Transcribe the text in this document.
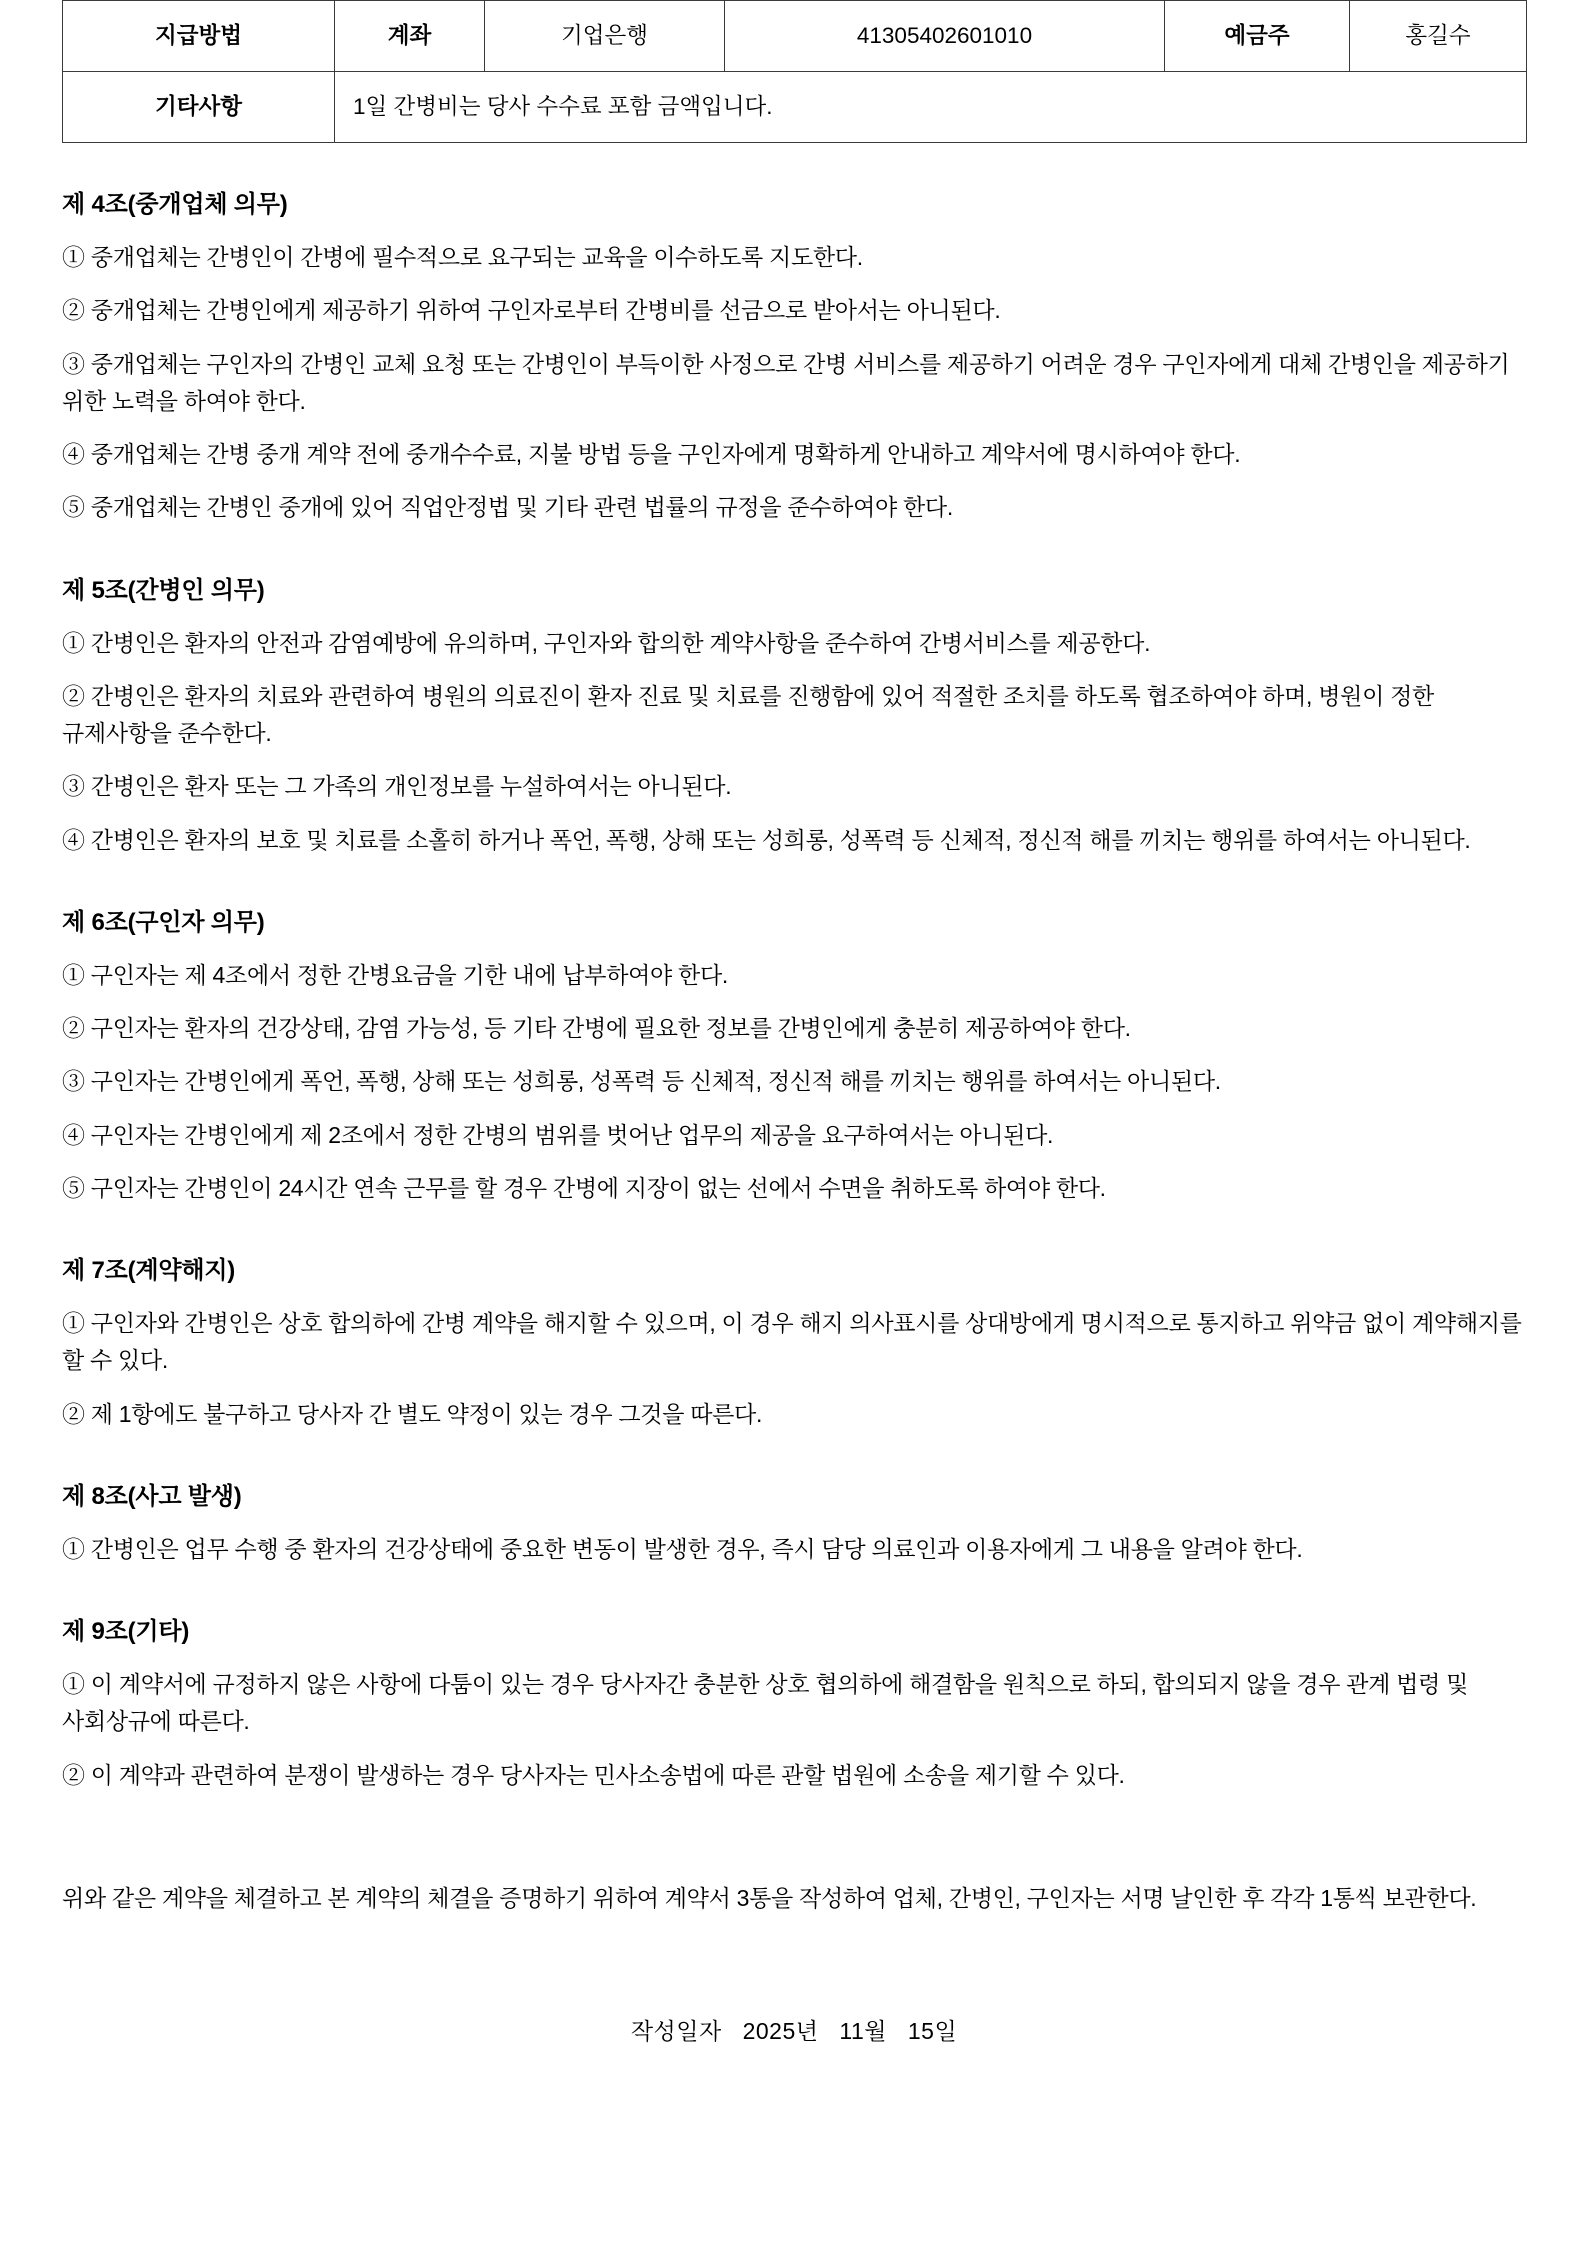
지급방법	계좌	기업은행	41305402601010	예금주	홍길수
기타사항	1일 간병비는 당사 수수료 포함 금액입니다.				
제 4조(중개업체 의무)
① 중개업체는 간병인이 간병에 필수적으로 요구되는 교육을 이수하도록 지도한다.
② 중개업체는 간병인에게 제공하기 위하여 구인자로부터 간병비를 선금으로 받아서는 아니된다.
③ 중개업체는 구인자의 간병인 교체 요청 또는 간병인이 부득이한 사정으로 간병 서비스를 제공하기 어려운 경우 구인자에게 대체 간병인을 제공하기 위한 노력을 하여야 한다.
④ 중개업체는 간병 중개 계약 전에 중개수수료, 지불 방법 등을 구인자에게 명확하게 안내하고 계약서에 명시하여야 한다.
⑤ 중개업체는 간병인 중개에 있어 직업안정법 및 기타 관련 법률의 규정을 준수하여야 한다.
제 5조(간병인 의무)
① 간병인은 환자의 안전과 감염예방에 유의하며, 구인자와 합의한 계약사항을 준수하여 간병서비스를 제공한다.
② 간병인은 환자의 치료와 관련하여 병원의 의료진이 환자 진료 및 치료를 진행함에 있어 적절한 조치를 하도록 협조하여야 하며, 병원이 정한 규제사항을 준수한다.
③ 간병인은 환자 또는 그 가족의 개인정보를 누설하여서는 아니된다.
④ 간병인은 환자의 보호 및 치료를 소홀히 하거나 폭언, 폭행, 상해 또는 성희롱, 성폭력 등 신체적, 정신적 해를 끼치는 행위를 하여서는 아니된다.
제 6조(구인자 의무)
① 구인자는 제 4조에서 정한 간병요금을 기한 내에 납부하여야 한다.
② 구인자는 환자의 건강상태, 감염 가능성, 등 기타 간병에 필요한 정보를 간병인에게 충분히 제공하여야 한다.
③ 구인자는 간병인에게 폭언, 폭행, 상해 또는 성희롱, 성폭력 등 신체적, 정신적 해를 끼치는 행위를 하여서는 아니된다.
④ 구인자는 간병인에게 제 2조에서 정한 간병의 범위를 벗어난 업무의 제공을 요구하여서는 아니된다.
⑤ 구인자는 간병인이 24시간 연속 근무를 할 경우 간병에 지장이 없는 선에서 수면을 취하도록 하여야 한다.
제 7조(계약해지)
① 구인자와 간병인은 상호 합의하에 간병 계약을 해지할 수 있으며, 이 경우 해지 의사표시를 상대방에게 명시적으로 통지하고 위약금 없이 계약해지를 할 수 있다.
② 제 1항에도 불구하고 당사자 간 별도 약정이 있는 경우 그것을 따른다.
제 8조(사고 발생)
① 간병인은 업무 수행 중 환자의 건강상태에 중요한 변동이 발생한 경우, 즉시 담당 의료인과 이용자에게 그 내용을 알려야 한다.
제 9조(기타)
① 이 계약서에 규정하지 않은 사항에 다툼이 있는 경우 당사자간 충분한 상호 협의하에 해결함을 원칙으로 하되, 합의되지 않을 경우 관계 법령 및 사회상규에 따른다.
② 이 계약과 관련하여 분쟁이 발생하는 경우 당사자는 민사소송법에 따른 관할 법원에 소송을 제기할 수 있다.
위와 같은 계약을 체결하고 본 계약의 체결을 증명하기 위하여 계약서 3통을 작성하여 업체, 간병인, 구인자는 서명 날인한 후 각각 1통씩 보관한다.
작성일자 2025년 11월 15일
